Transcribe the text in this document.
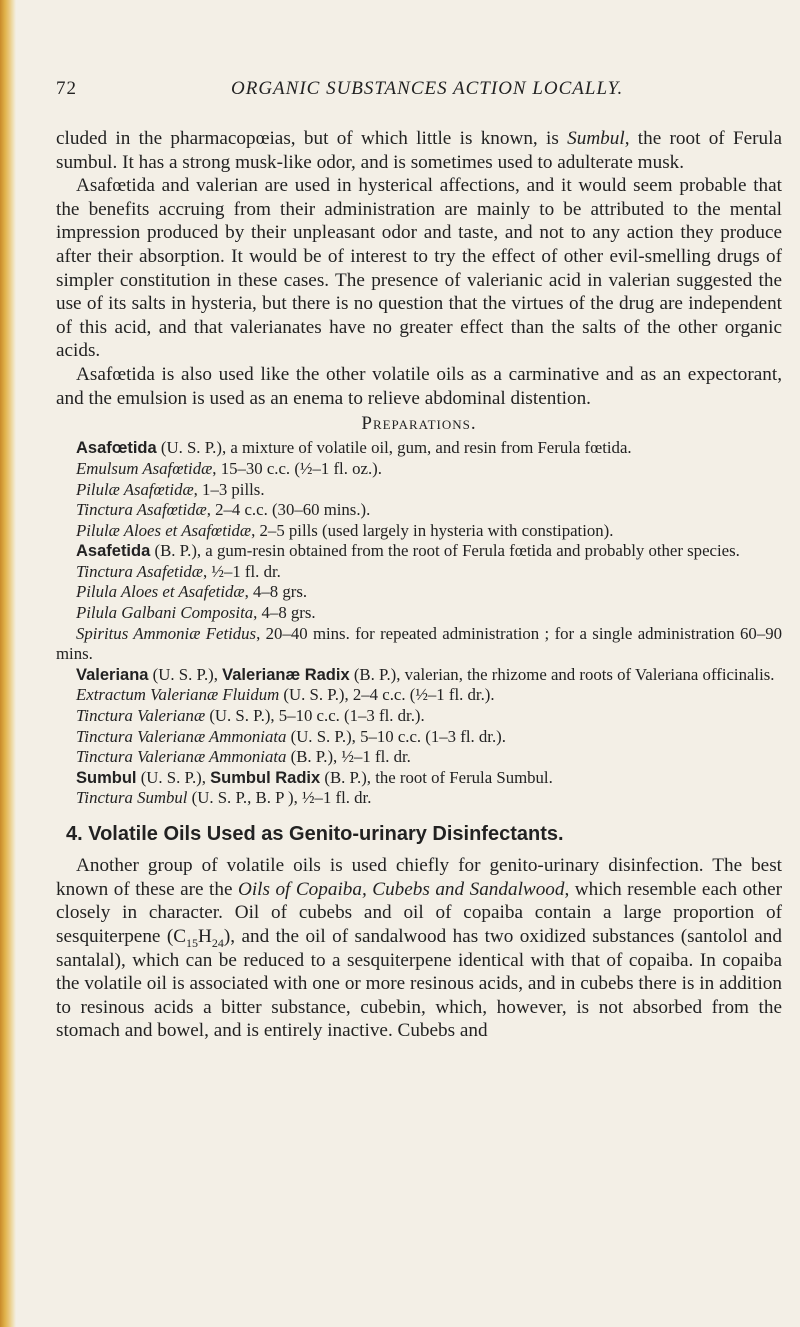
72	ORGANIC SUBSTANCES ACTION LOCALLY.

cluded in the pharmacopœias, but of which little is known, is Sumbul, the root of Ferula sumbul. It has a strong musk-like odor, and is sometimes used to adulterate musk.

Asafœtida and valerian are used in hysterical affections, and it would seem probable that the benefits accruing from their administration are mainly to be attributed to the mental impression produced by their unpleasant odor and taste, and not to any action they produce after their absorption. It would be of interest to try the effect of other evil-smelling drugs of simpler constitution in these cases. The presence of valerianic acid in valerian suggested the use of its salts in hysteria, but there is no question that the virtues of the drug are independent of this acid, and that valerianates have no greater effect than the salts of the other organic acids.

Asafœtida is also used like the other volatile oils as a carminative and as an expectorant, and the emulsion is used as an enema to relieve abdominal distention.

Preparations.

Asafœtida (U. S. P.), a mixture of volatile oil, gum, and resin from Ferula fœtida.

Emulsum Asafœtidæ, 15–30 c.c. (½–1 fl. oz.).

Pilulæ Asafœtidæ, 1–3 pills.

Tinctura Asafœtidæ, 2–4 c.c. (30–60 mins.).

Pilulæ Aloes et Asafœtidæ, 2–5 pills (used largely in hysteria with constipation).

Asafetida (B. P.), a gum-resin obtained from the root of Ferula fœtida and probably other species.

Tinctura Asafetidæ, ½–1 fl. dr.

Pilula Aloes et Asafetidæ, 4–8 grs.

Pilula Galbani Composita, 4–8 grs.

Spiritus Ammoniæ Fetidus, 20–40 mins. for repeated administration ; for a single administration 60–90 mins.

Valeriana (U. S. P.), Valerianæ Radix (B. P.), valerian, the rhizome and roots of Valeriana officinalis.

Extractum Valerianæ Fluidum (U. S. P.), 2–4 c.c. (½–1 fl. dr.).

Tinctura Valerianæ (U. S. P.), 5–10 c.c. (1–3 fl. dr.).

Tinctura Valerianæ Ammoniata (U. S. P.), 5–10 c.c. (1–3 fl. dr.).

Tinctura Valerianæ Ammoniata (B. P.), ½–1 fl. dr.

Sumbul (U. S. P.), Sumbul Radix (B. P.), the root of Ferula Sumbul.

Tinctura Sumbul (U. S. P., B. P ), ½–1 fl. dr.

4. Volatile Oils Used as Genito-urinary Disinfectants.

Another group of volatile oils is used chiefly for genito-urinary disinfection. The best known of these are the Oils of Copaiba, Cubebs and Sandalwood, which resemble each other closely in character. Oil of cubebs and oil of copaiba contain a large proportion of sesquiterpene $(C_{15}H_{24})$, and the oil of sandalwood has two oxidized substances (santolol and santalal), which can be reduced to a sesquiterpene identical with that of copaiba. In copaiba the volatile oil is associated with one or more resinous acids, and in cubebs there is in addition to resinous acids a bitter substance, cubebin, which, however, is not absorbed from the stomach and bowel, and is entirely inactive. Cubebs and
